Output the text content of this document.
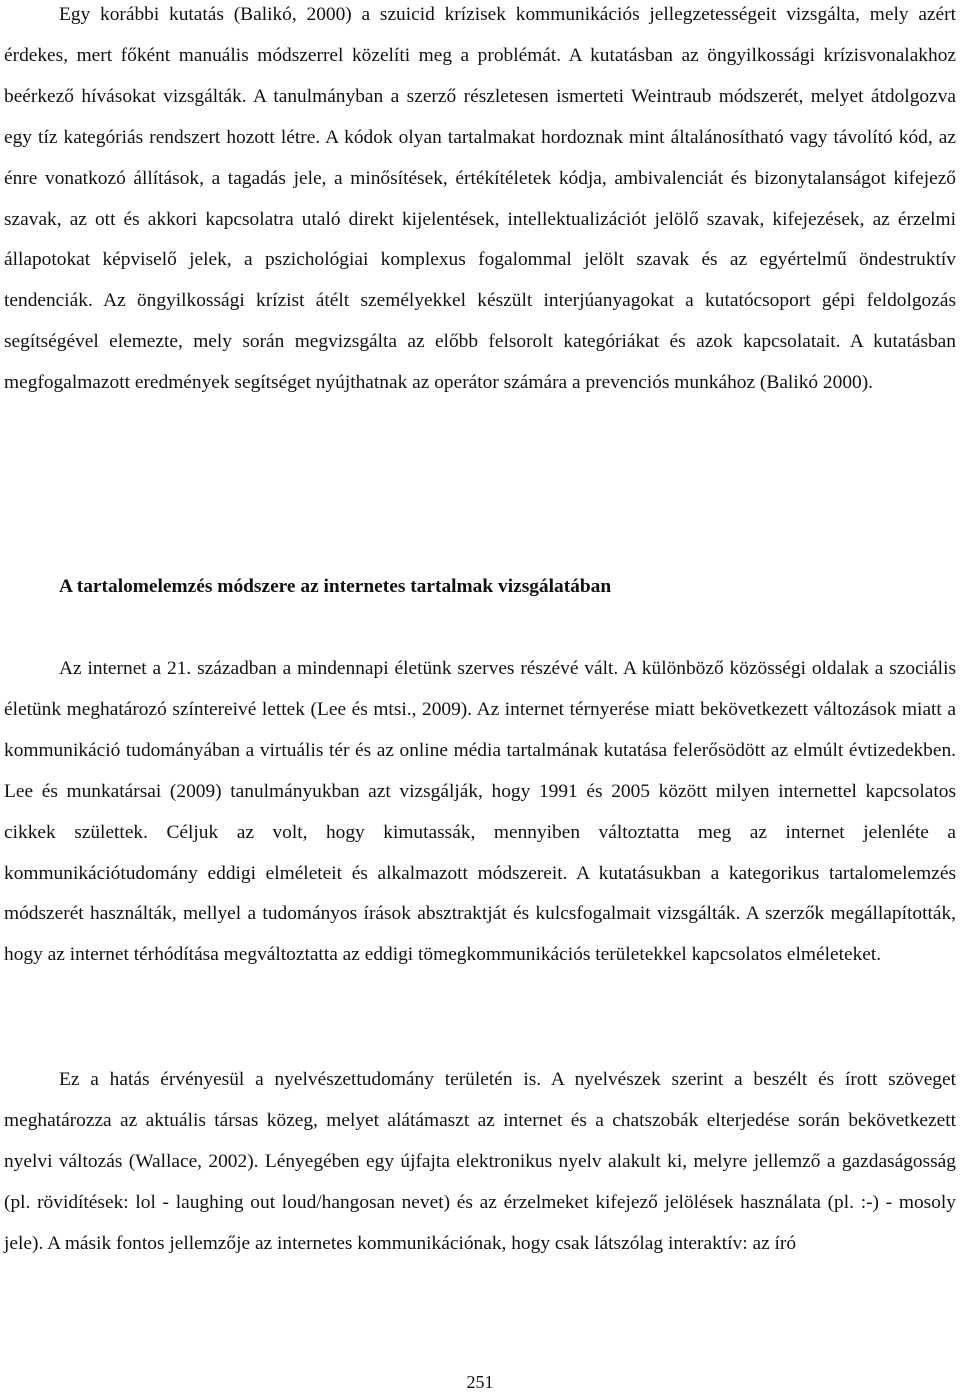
Egy korábbi kutatás (Balikó, 2000) a szuicid krízisek kommunikációs jellegzetességeit vizsgálta, mely azért érdekes, mert főként manuális módszerrel közelíti meg a problémát. A kutatásban az öngyilkossági krízisvonalakhoz beérkező hívásokat vizsgálták. A tanulmányban a szerző részletesen ismerteti Weintraub módszerét, melyet átdolgozva egy tíz kategóriás rendszert hozott létre. A kódok olyan tartalmakat hordoznak mint általánosítható vagy távolító kód, az énre vonatkozó állítások, a tagadás jele, a minősítések, értékítéletek kódja, ambivalenciát és bizonytalanságot kifejező szavak, az ott és akkori kapcsolatra utaló direkt kijelentések, intellektualizációt jelölő szavak, kifejezések, az érzelmi állapotokat képviselő jelek, a pszichológiai komplexus fogalommal jelölt szavak és az egyértelmű öndestruktív tendenciák. Az öngyilkossági krízist átélt személyekkel készült interjúanyagokat a kutatócsoport gépi feldolgozás segítségével elemezte, mely során megvizsgálta az előbb felsorolt kategóriákat és azok kapcsolatait. A kutatásban megfogalmazott eredmények segítséget nyújthatnak az operátor számára a prevenciós munkához (Balikó 2000).

A tartalomelemzés módszere az internetes tartalmak vizsgálatában

Az internet a 21. században a mindennapi életünk szerves részévé vált. A különböző közösségi oldalak a szociális életünk meghatározó színtereivé lettek (Lee és mtsi., 2009). Az internet térnyerése miatt bekövetkezett változások miatt a kommunikáció tudományában a virtuális tér és az online média tartalmának kutatása felerősödött az elmúlt évtizedekben. Lee és munkatársai (2009) tanulmányukban azt vizsgálják, hogy 1991 és 2005 között milyen internettel kapcsolatos cikkek születtek. Céljuk az volt, hogy kimutassák, mennyiben változtatta meg az internet jelenléte a kommunikációtudomány eddigi elméleteit és alkalmazott módszereit. A kutatásukban a kategorikus tartalomelemzés módszerét használták, mellyel a tudományos írások absztraktját és kulcsfogalmait vizsgálták. A szerzők megállapították, hogy az internet térhódítása megváltoztatta az eddigi tömegkommunikációs területekkel kapcsolatos elméleteket.

Ez a hatás érvényesül a nyelvészettudomány területén is. A nyelvészek szerint a beszélt és írott szöveget meghatározza az aktuális társas közeg, melyet alátámaszt az internet és a chatszobák elterjedése során bekövetkezett nyelvi változás (Wallace, 2002). Lényegében egy újfajta elektronikus nyelv alakult ki, melyre jellemző a gazdaságosság (pl. rövidítések: lol - laughing out loud/hangosan nevet) és az érzelmeket kifejező jelölések használata (pl. :-) - mosoly jele). A másik fontos jellemzője az internetes kommunikációnak, hogy csak látszólag interaktív: az író

251
